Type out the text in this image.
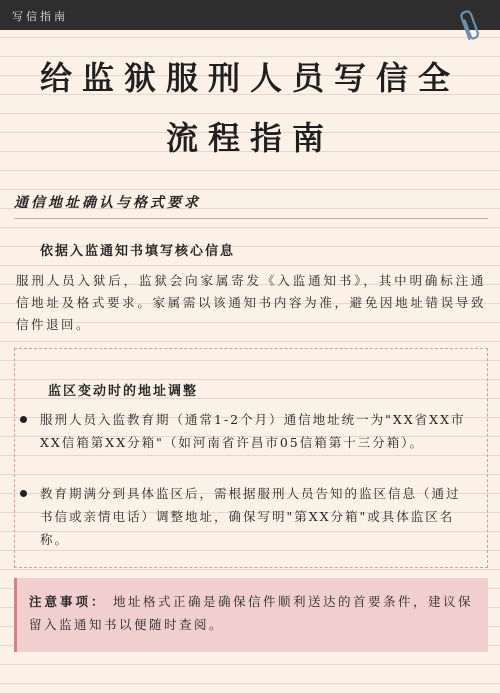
写信指南
给监狱服刑人员写信全
流程指南
通信地址确认与格式要求
依据入监通知书填写核心信息
服刑人员入狱后，监狱会向家属寄发《入监通知书》，其中明确标注通信地址及格式要求。家属需以该通知书内容为准，避免因地址错误导致信件退回。
监区变动时的地址调整
服刑人员入监教育期（通常1-2个月）通信地址统一为"XX省XX市XX信箱第XX分箱"（如河南省许昌市05信箱第十三分箱）。
教育期满分到具体监区后，需根据服刑人员告知的监区信息（通过书信或亲情电话）调整地址，确保写明"第XX分箱"或具体监区名称。
注意事项： 地址格式正确是确保信件顺利送达的首要条件，建议保留入监通知书以便随时查阅。
